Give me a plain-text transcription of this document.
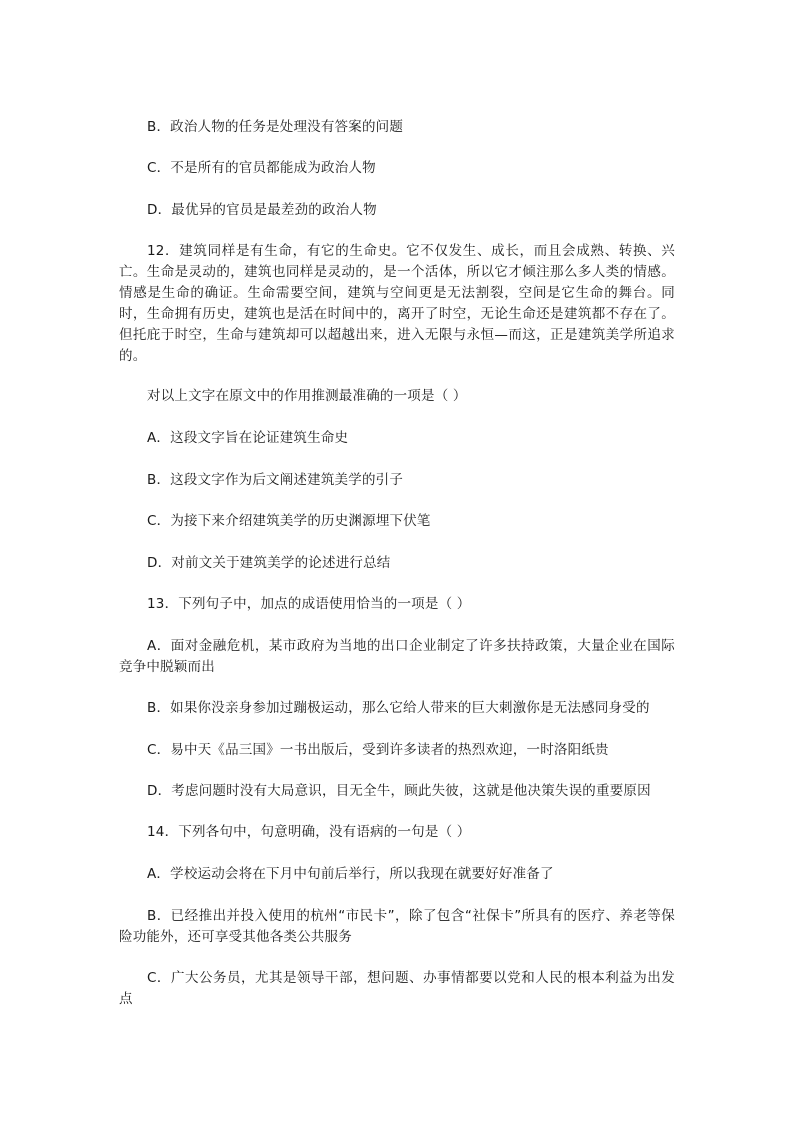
B．政治人物的任务是处理没有答案的问题
C．不是所有的官员都能成为政治人物
D．最优异的官员是最差劲的政治人物
12．建筑同样是有生命，有它的生命史。它不仅发生、成长，而且会成熟、转换、兴亡。生命是灵动的，建筑也同样是灵动的，是一个活体，所以它才倾注那么多人类的情感。情感是生命的确证。生命需要空间，建筑与空间更是无法割裂，空间是它生命的舞台。同时，生命拥有历史，建筑也是活在时间中的，离开了时空，无论生命还是建筑都不存在了。但托庇于时空，生命与建筑却可以超越出来，进入无限与永恒—而这，正是建筑美学所追求的。
对以上文字在原文中的作用推测最准确的一项是（ ）
A．这段文字旨在论证建筑生命史
B．这段文字作为后文阐述建筑美学的引子
C．为接下来介绍建筑美学的历史渊源埋下伏笔
D．对前文关于建筑美学的论述进行总结
13．下列句子中，加点的成语使用恰当的一项是（ ）
A．面对金融危机，某市政府为当地的出口企业制定了许多扶持政策，大量企业在国际竞争中脱颖而出
B．如果你没亲身参加过蹦极运动，那么它给人带来的巨大刺激你是无法感同身受的
C．易中天《品三国》一书出版后，受到许多读者的热烈欢迎，一时洛阳纸贵
D．考虑问题时没有大局意识，目无全牛，顾此失彼，这就是他决策失误的重要原因
14．下列各句中，句意明确，没有语病的一句是（ ）
A．学校运动会将在下月中旬前后举行，所以我现在就要好好准备了
B．已经推出并投入使用的杭州“市民卡”，除了包含“社保卡”所具有的医疗、养老等保险功能外，还可享受其他各类公共服务
C．广大公务员，尤其是领导干部，想问题、办事情都要以党和人民的根本利益为出发点
